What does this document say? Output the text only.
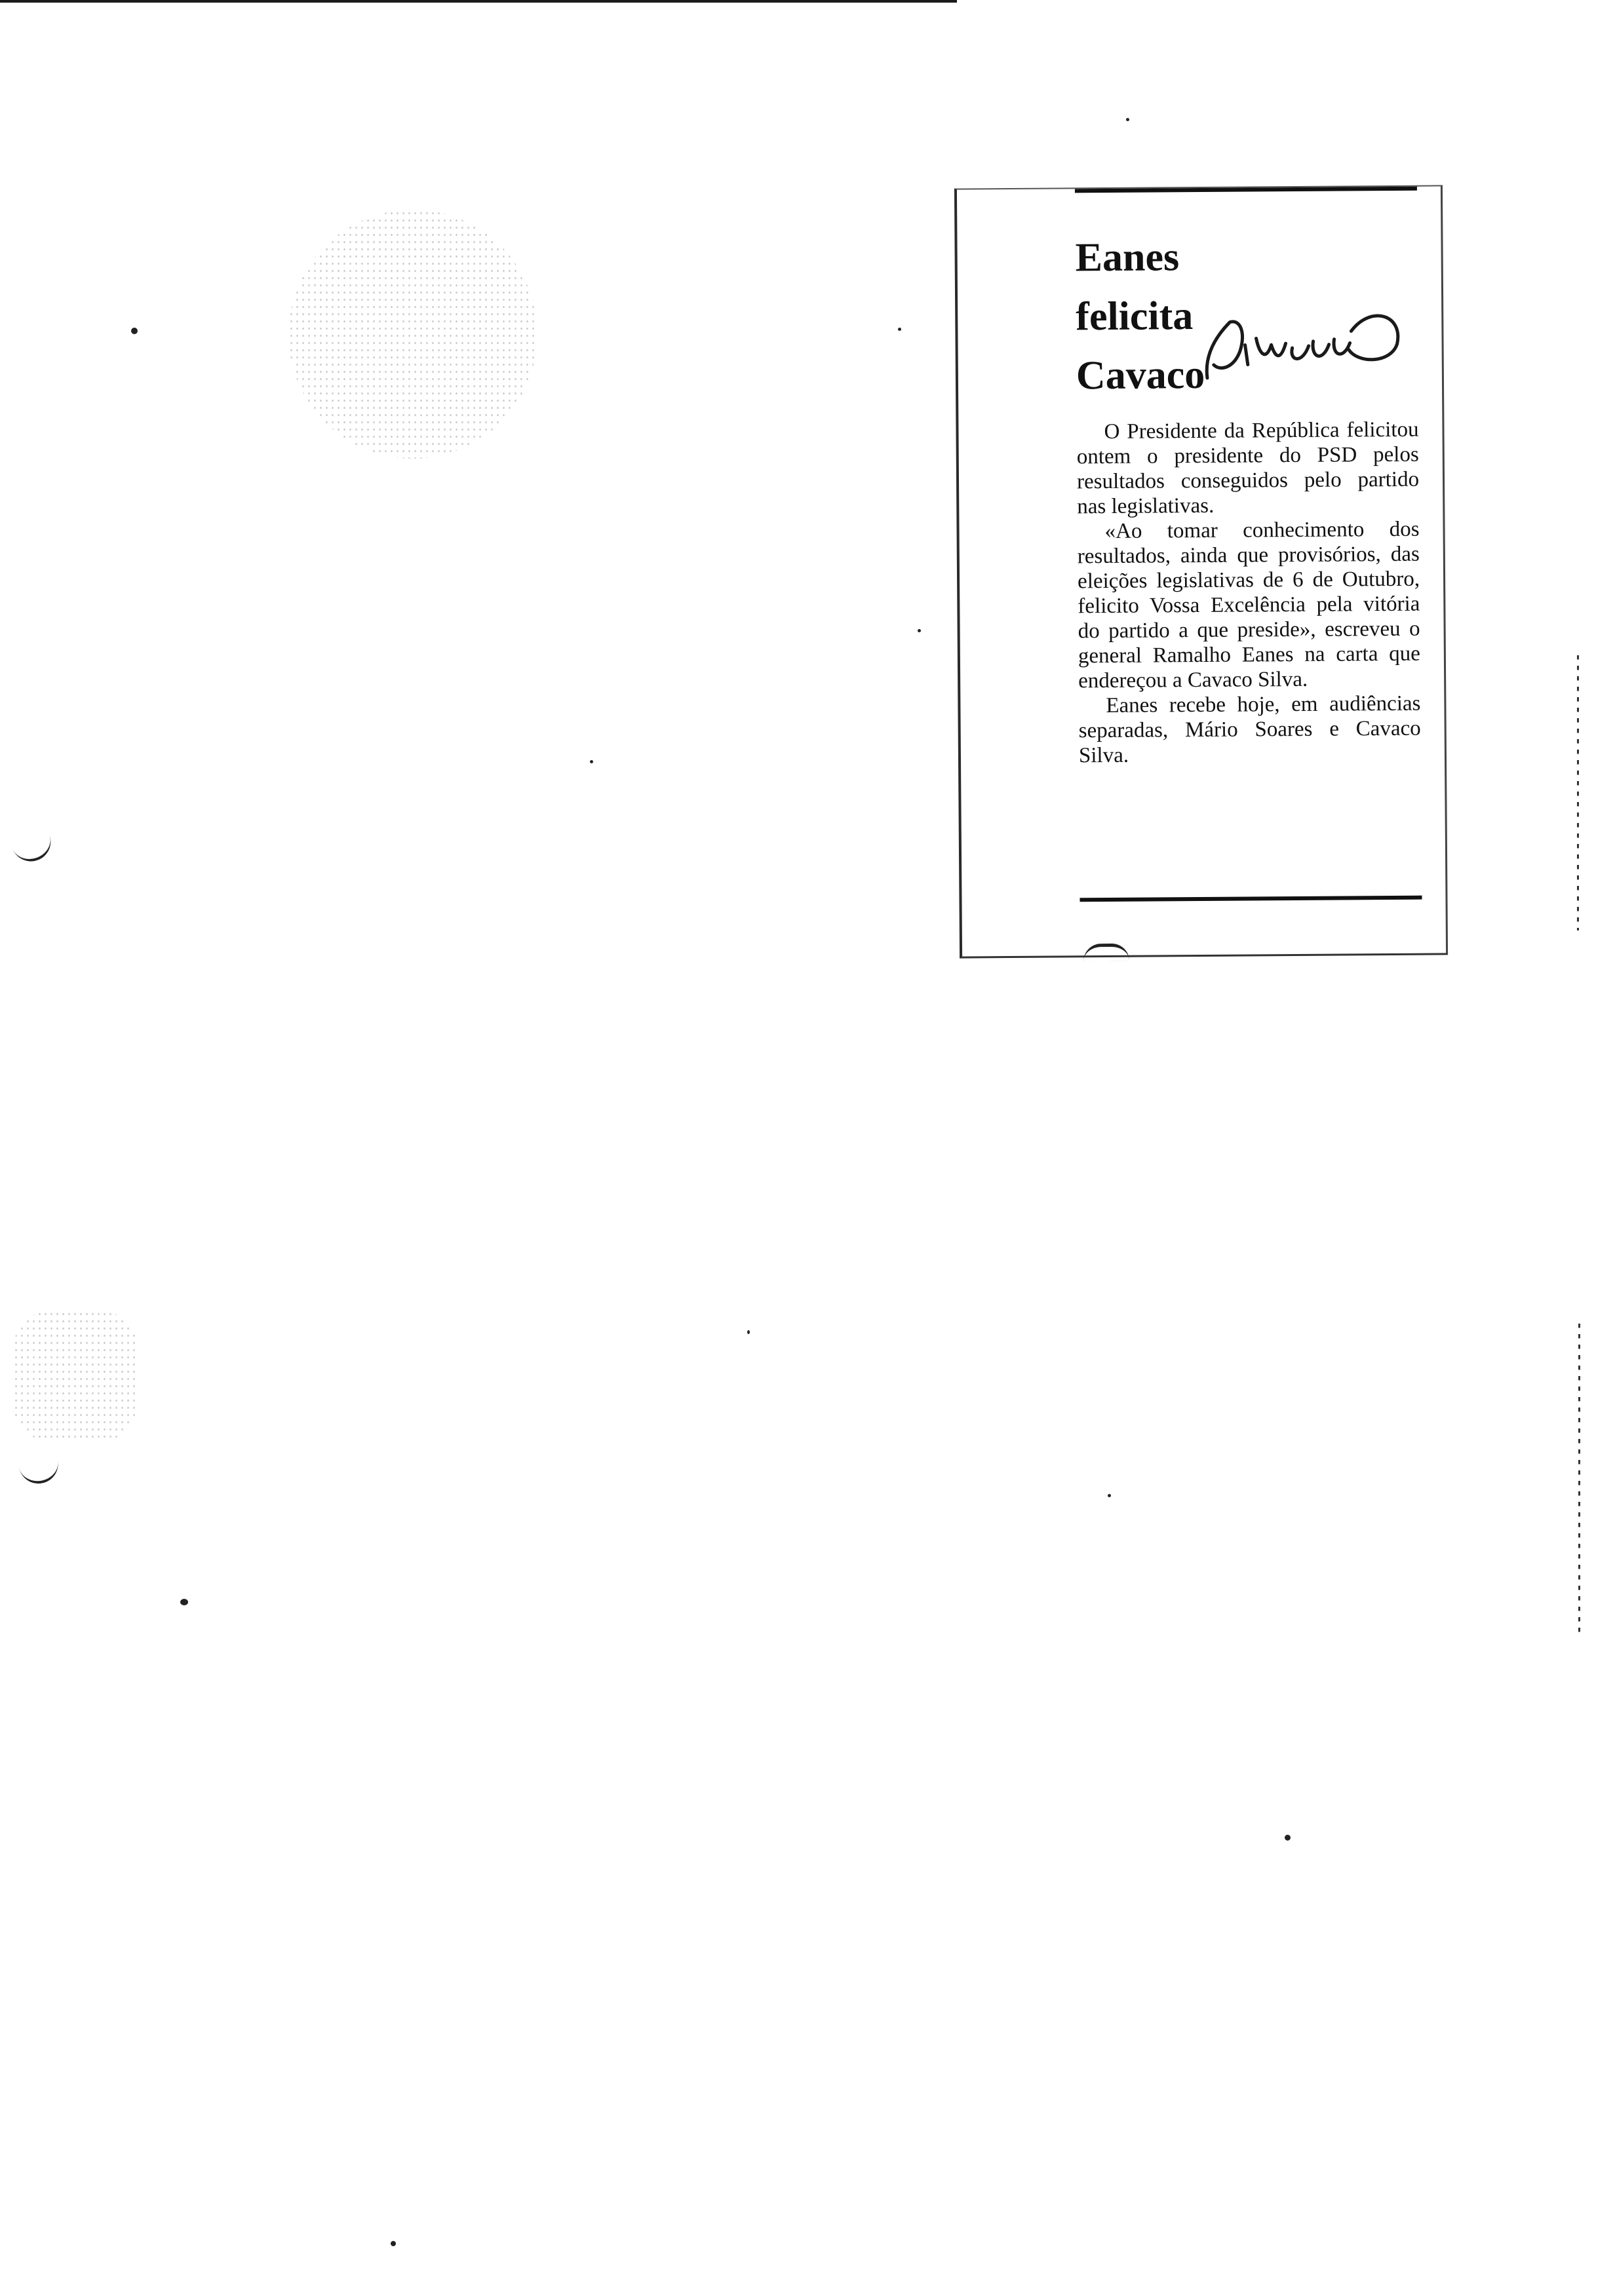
Eanes
felicita
Cavaco

O Presidente da República felicitou ontem o presidente do PSD pelos resultados conseguidos pelo partido nas legislativas.

«Ao tomar conhecimento dos resultados, ainda que provisórios, das eleições legislativas de 6 de Outubro, felicito Vossa Excelência pela vitória do partido a que preside», escreveu o general Ramalho Eanes na carta que endereçou a Cavaco Silva.

Eanes recebe hoje, em audiências separadas, Mário Soares e Cavaco Silva.
